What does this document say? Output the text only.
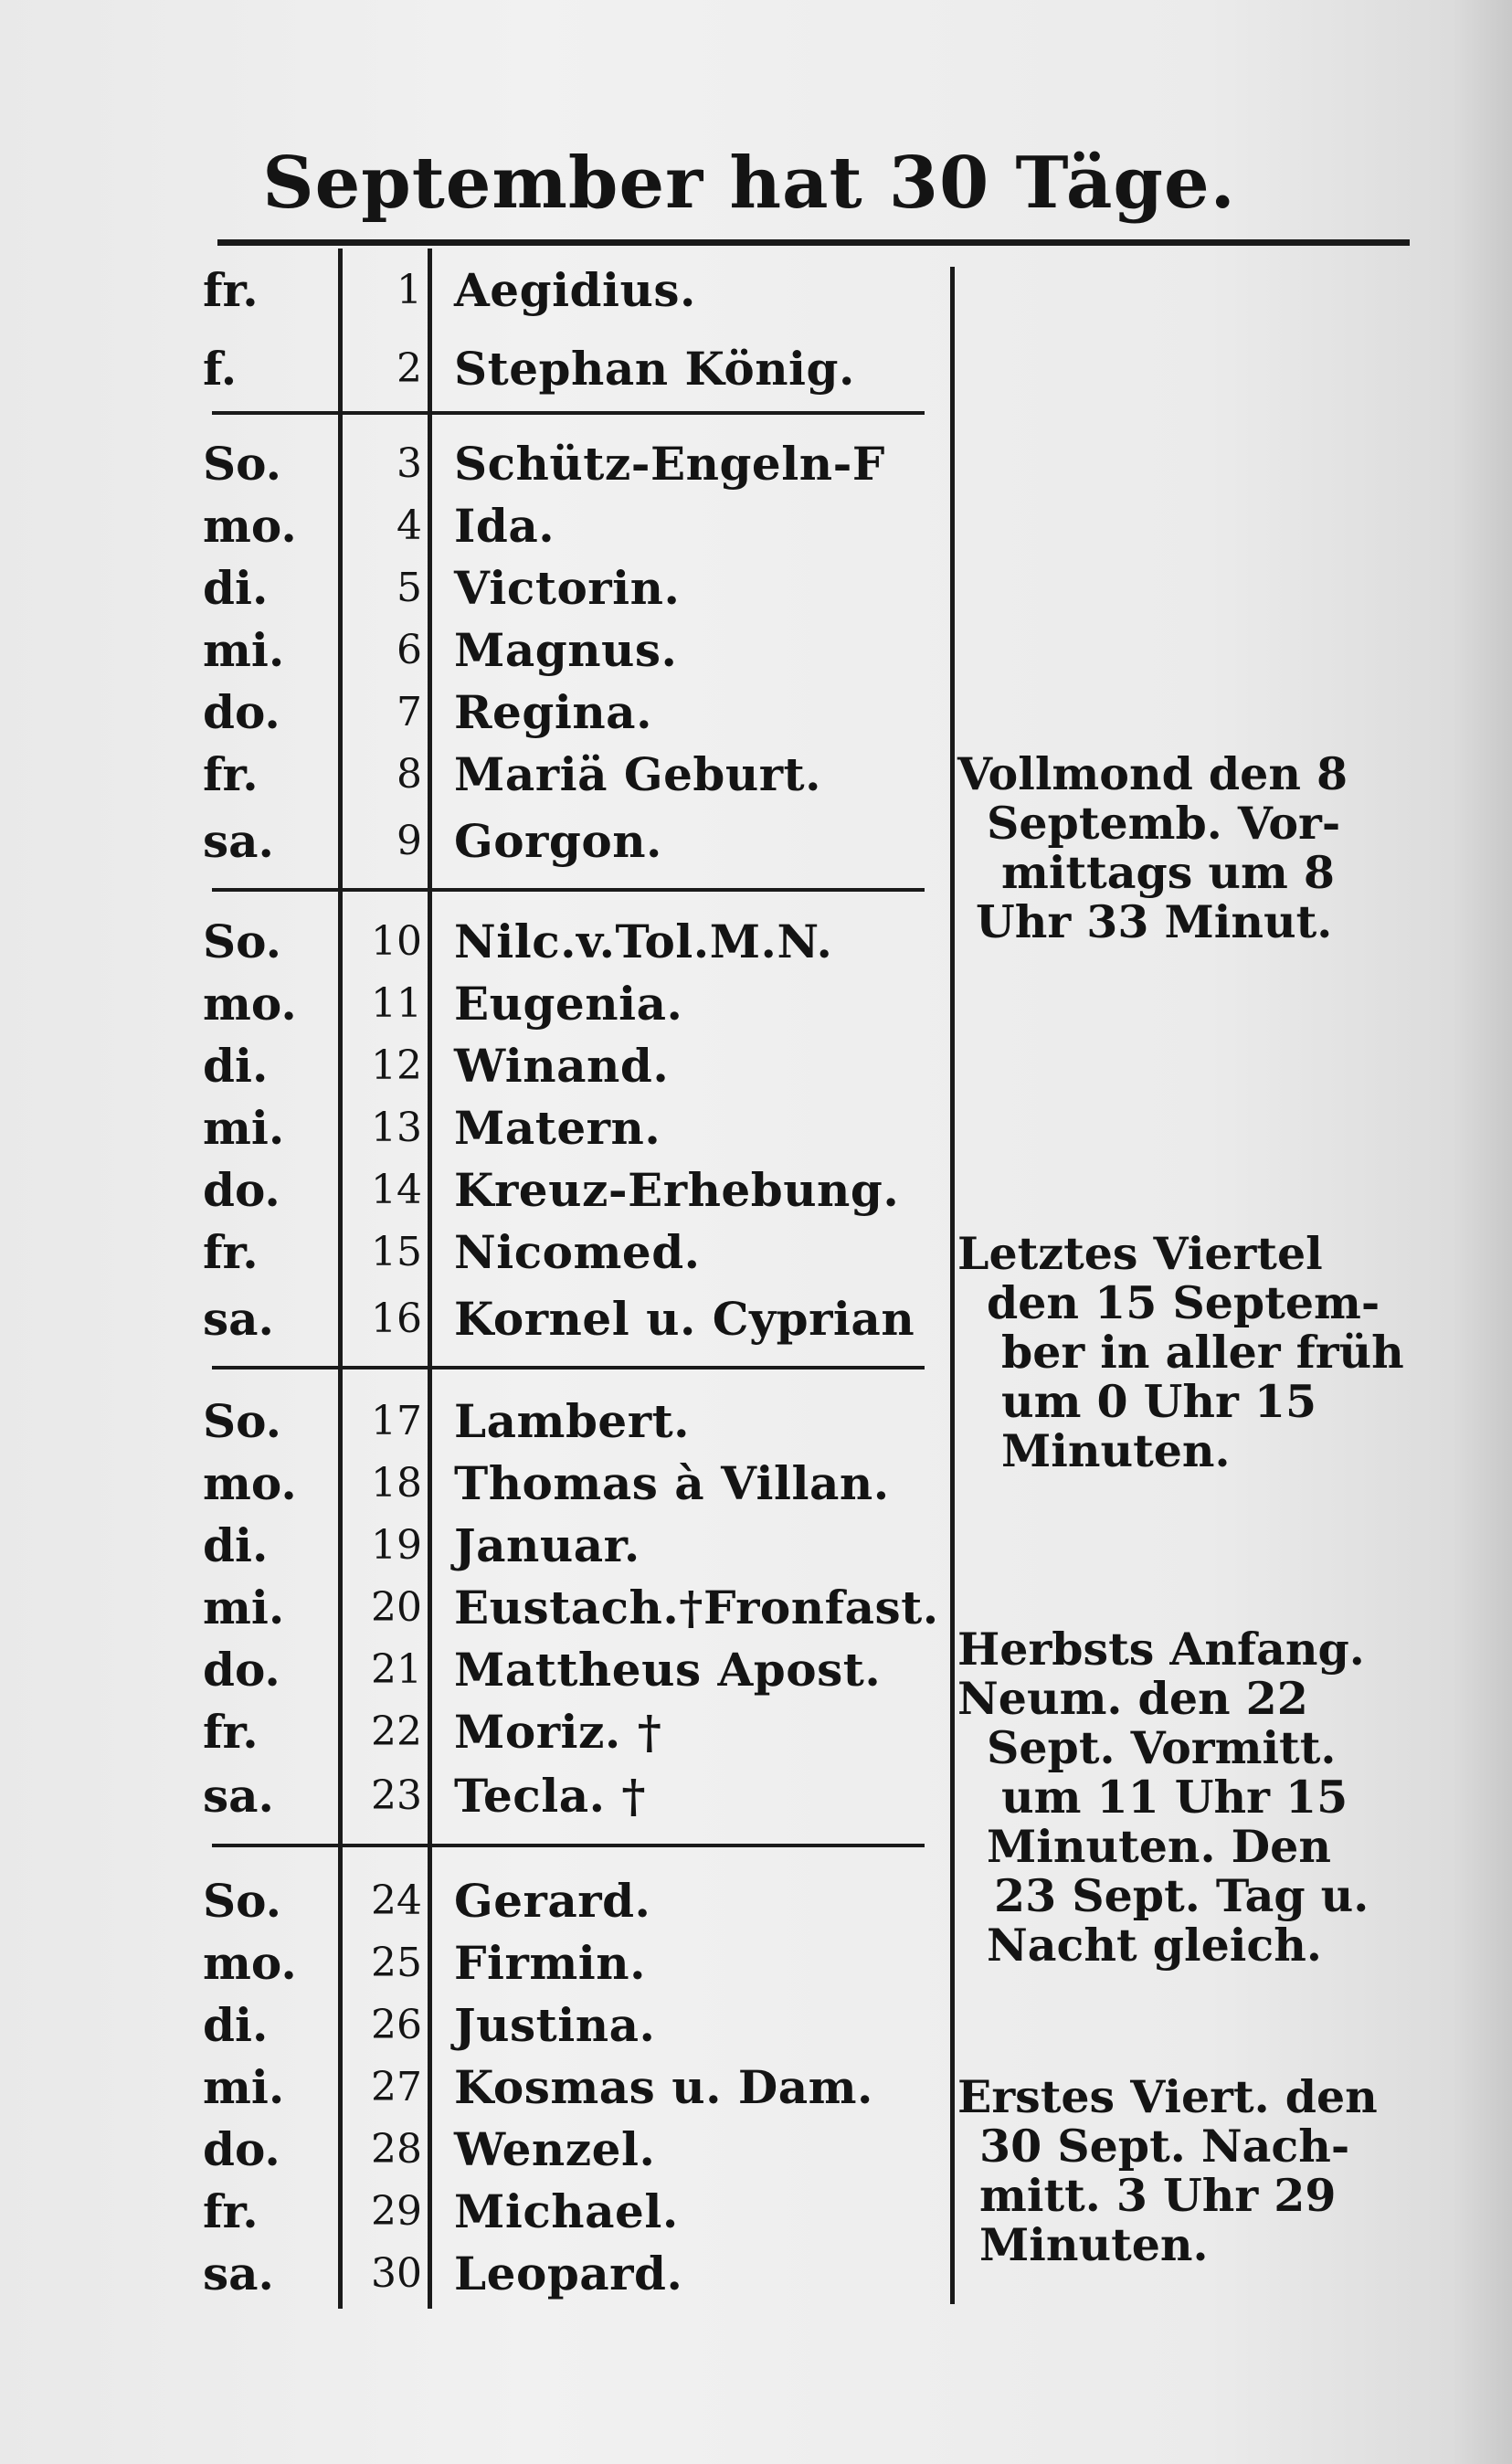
September hat 30 Täge.
fr.	1 Aegidius.
f.	2 Stephan König.
So.	3 Schütz-Engeln-F
mo.	4 Ida.
di.	5 Victorin.
mi.	6 Magnus.
do.	7 Regina.
fr.	8 Mariä Geburt.
sa.	9 Gorgon.
So.	10 Nilc.v.Tol.M.N.
mo.	11 Eugenia.
di.	12 Winand.
mi.	13 Matern.
do.	14 Kreuz-Erhebung.
fr.	15 Nicomed.
sa.	16 Kornel u. Cyprian
So.	17 Lambert.
mo.	18 Thomas à Villan.
di.	19 Januar.
mi.	20 Eustach.†Fronfast.
do.	21 Mattheus Apost.
fr.	22 Moriz. †
sa.	23 Tecla. †
So.	24 Gerard.
mo.	25 Firmin.
di.	26 Justina.
mi.	27 Kosmas u. Dam.
do.	28 Wenzel.
fr.	29 Michael.
sa.	30 Leopard.
Vollmond den 8
Septemb. Vor-
mittags um 8
Uhr 33 Minut.
Letztes Viertel
den 15 Septem-
ber in aller früh
um 0 Uhr 15
Minuten.
Herbsts Anfang.
Neum. den 22
Sept. Vormitt.
um 11 Uhr 15
Minuten. Den
23 Sept. Tag u.
Nacht gleich.
Erstes Viert. den
30 Sept. Nach-
mitt. 3 Uhr 29
Minuten.
